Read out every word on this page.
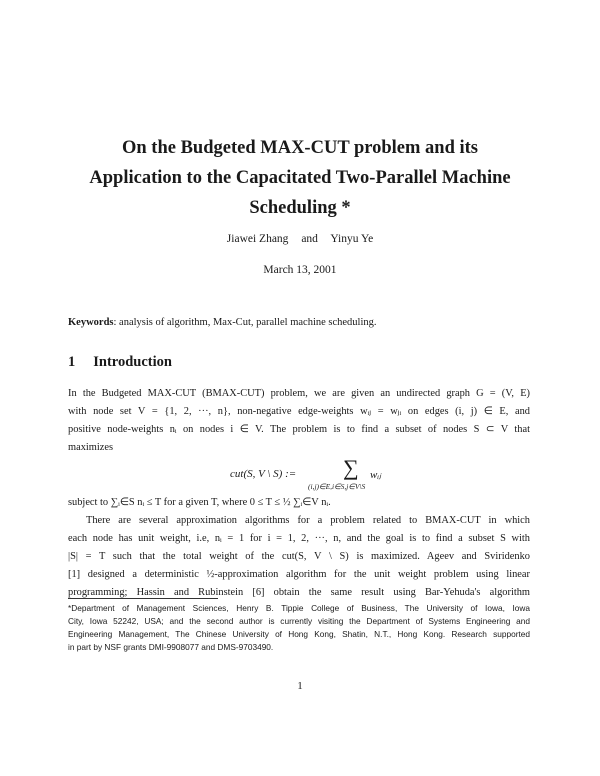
On the Budgeted MAX-CUT problem and its
Application to the Capacitated Two-Parallel Machine
Scheduling *
Jiawei Zhang and Yinyu Ye
March 13, 2001
Keywords: analysis of algorithm, Max-Cut, parallel machine scheduling.
1 Introduction
In the Budgeted MAX-CUT (BMAX-CUT) problem, we are given an undirected graph G = (V, E)
with node set V = {1, 2, ···, n}, non-negative edge-weights wᵢⱼ = wⱼᵢ on edges (i, j) ∈ E, and
positive node-weights nᵢ on nodes i ∈ V. The problem is to find a subset of nodes S ⊂ V that
maximizes
cut(S, V \ S) := ∑
(i,j)∈E,i∈S,j∈V\S
wᵢⱼ
subject to ∑ᵢ∈S nᵢ ≤ T for a given T, where 0 ≤ T ≤ ½ ∑ᵢ∈V nᵢ.
There are several approximation algorithms for a problem related to BMAX-CUT in which
each node has unit weight, i.e, nᵢ = 1 for i = 1, 2, ···, n, and the goal is to find a subset S with
|S| = T such that the total weight of the cut(S, V \ S) is maximized. Ageev and Sviridenko
[1] designed a deterministic ½-approximation algorithm for the unit weight problem using linear
programming; Hassin and Rubinstein [6] obtain the same result using Bar-Yehuda's algorithm
*Department of Management Sciences, Henry B. Tippie College of Business, The University of Iowa, Iowa
City, Iowa 52242, USA; and the second author is currently visiting the Department of Systems Engineering and
Engineering Management, The Chinese University of Hong Kong, Shatin, N.T., Hong Kong. Research supported
in part by NSF grants DMI-9908077 and DMS-9703490.
1
